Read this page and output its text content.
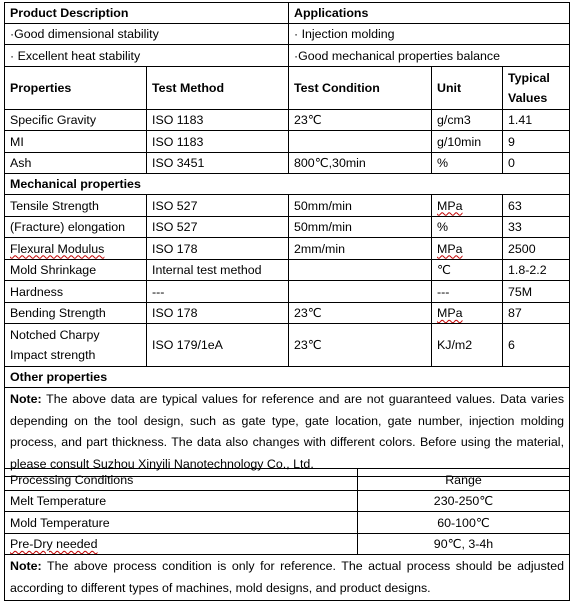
Product Description		Applications		
·Good dimensional stability		· Injection molding		
· Excellent heat stability		·Good mechanical properties balance		
Properties	Test Method	Test Condition	Unit	Typical
Values

Specific Gravity	ISO 1183	23℃	g/cm3	1.41
MI	ISO 1183		g/10min	9
Ash	ISO 3451	800℃,30min	%	0
Mechanical properties				
Tensile Strength	ISO 527	50mm/min	MPa	63
(Fracture) elongation	ISO 527	50mm/min	%	33
Flexural Modulus	ISO 178	2mm/min	MPa	2500
Mold Shrinkage	Internal test method		℃	1.8-2.2
Hardness	---		---	75M
Bending Strength	ISO 178	23℃	MPa	87

Notched Charpy
Impact strength	ISO 179/1eA	23℃	KJ/m2	6
Other properties				
Note: The above data are typical values for reference and are not guaranteed values. Data varies depending on the tool design, such as gate type, gate location, gate number, injection molding process, and part thickness. The data also changes with different colors. Before using the material, please consult Suzhou Xinyili Nanotechnology Co., Ltd.				
Processing Conditions	Range
Melt Temperature	230-250℃
Mold Temperature	60-100℃
Pre-Dry needed	90℃, 3-4h
Note: The above process condition is only for reference. The actual process should be adjusted according to different types of machines, mold designs, and product designs.	
